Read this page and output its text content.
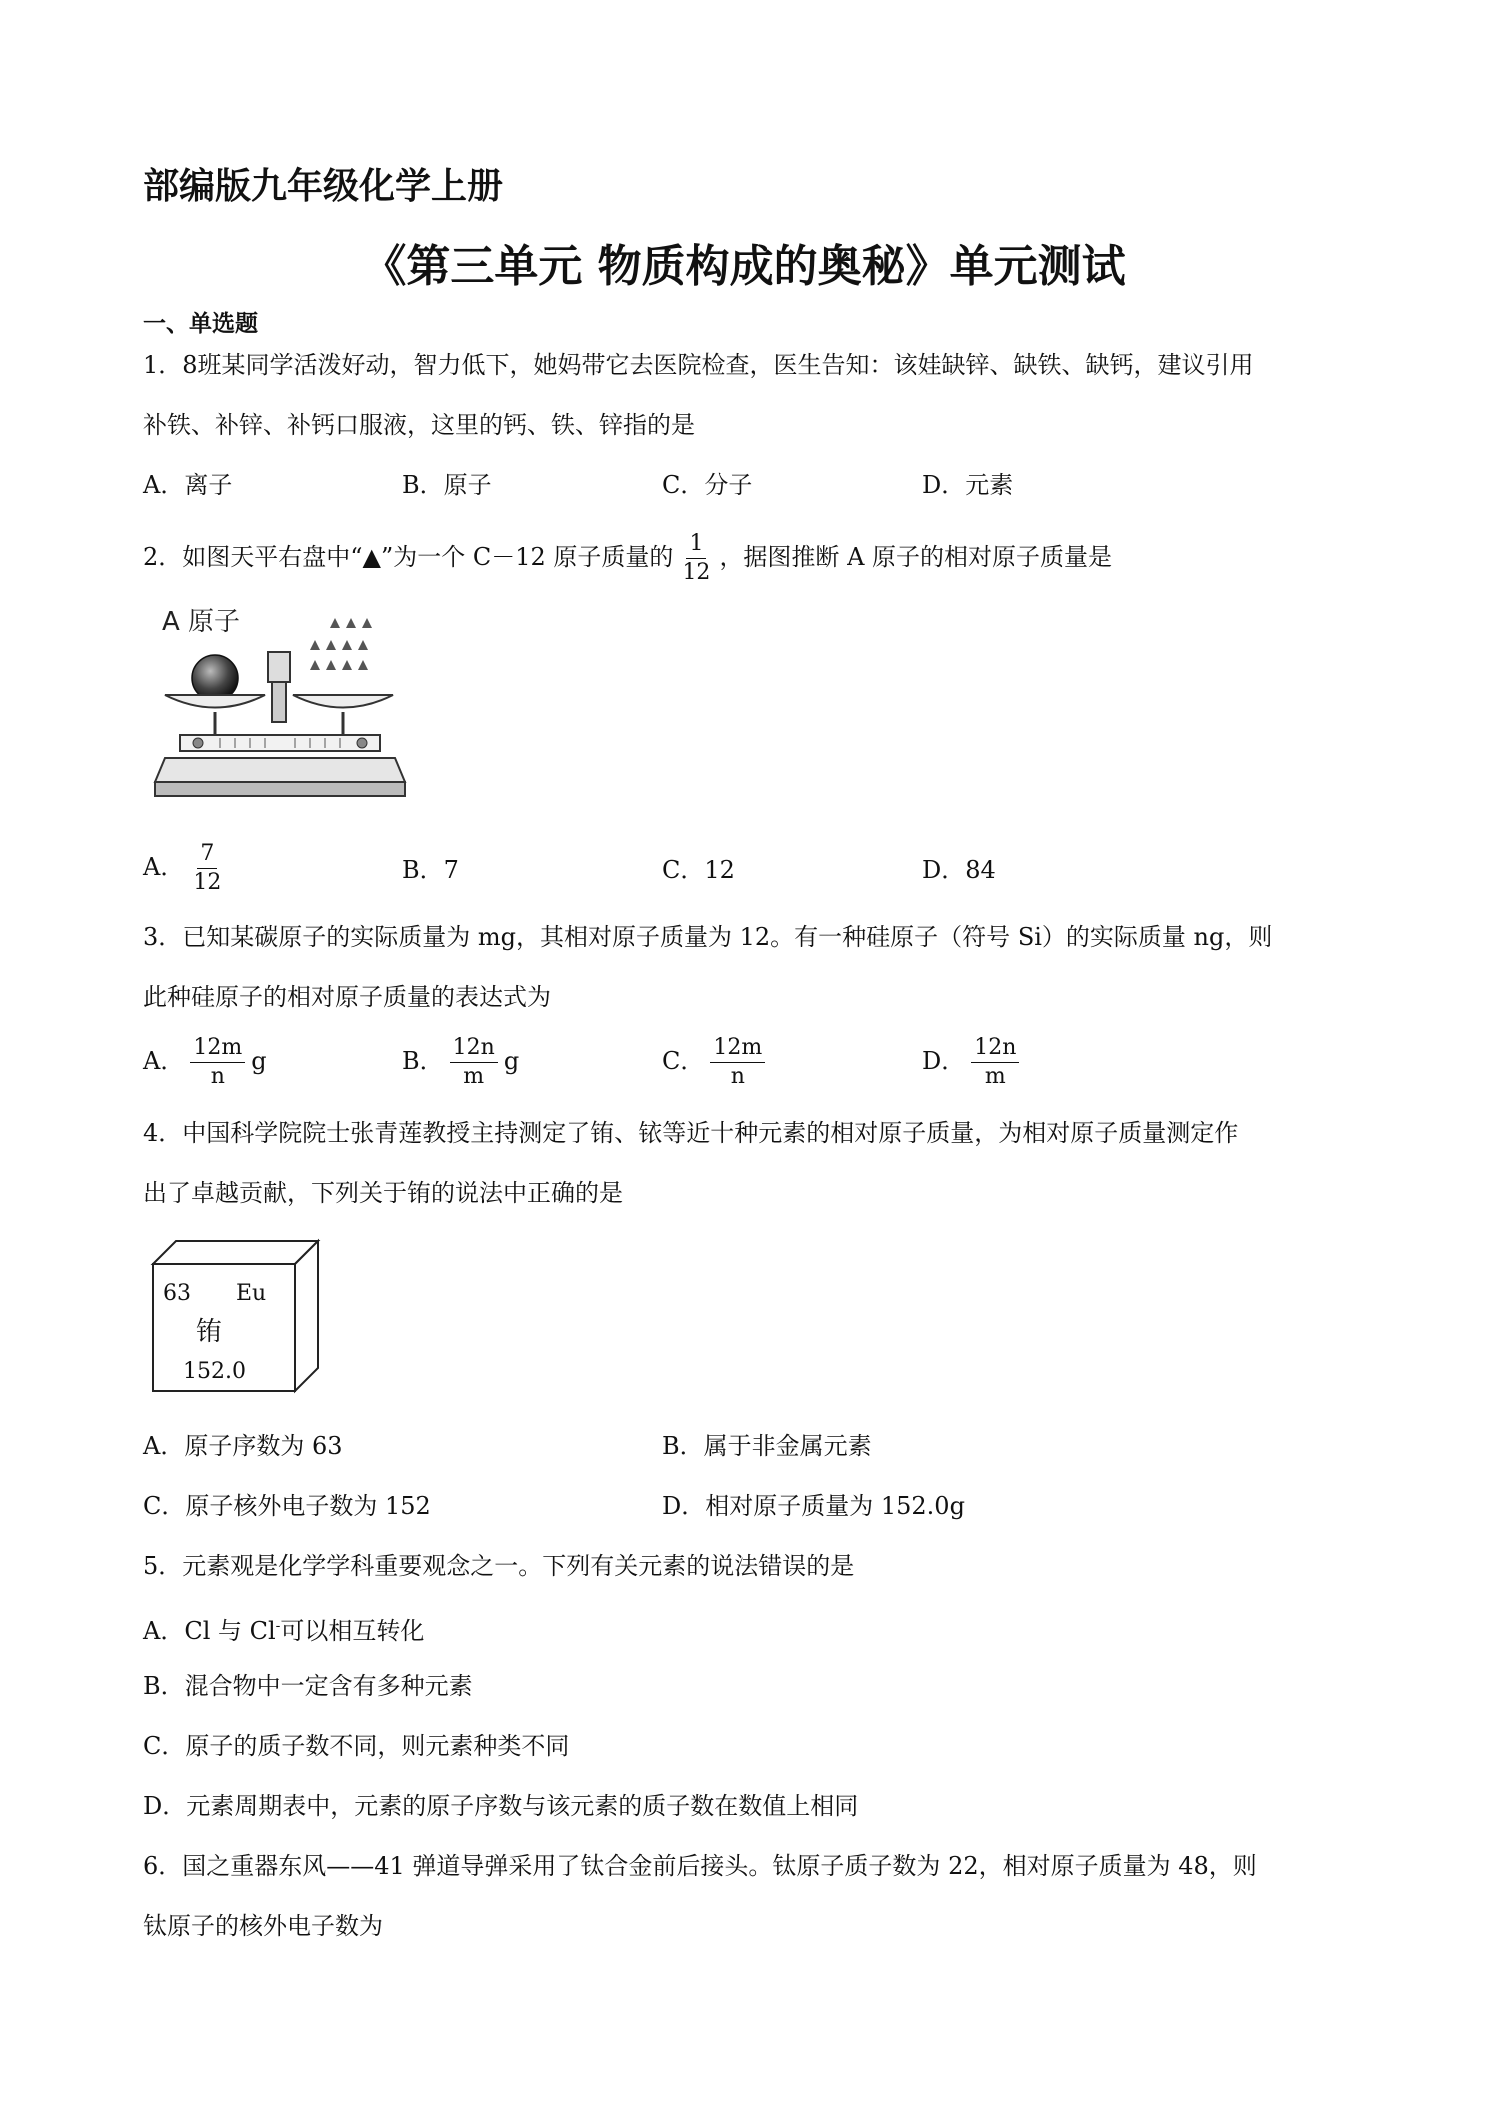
部编版九年级化学上册
《第三单元 物质构成的奥秘》单元测试
一、单选题
1．8班某同学活泼好动，智力低下，她妈带它去医院检查，医生告知：该娃缺锌、缺铁、缺钙，建议引用
补铁、补锌、补钙口服液，这里的钙、铁、锌指的是
A．离子	B．原子	C．分子	D．元素
2．如图天平右盘中“▲”为一个 C－12 原子质量的 $\frac{1}{12}$ ，据图推断 A 原子的相对原子质量是
A 原子
A． $\frac{7}{12}$	B．7	C．12	D．84
3．已知某碳原子的实际质量为 mg，其相对原子质量为 12。有一种硅原子（符号 Si）的实际质量 ng，则
此种硅原子的相对原子质量的表达式为
A． $\frac{12m}{n}$ g	B． $\frac{12n}{m}$ g	C． $\frac{12m}{n}$	D． $\frac{12n}{m}$
4．中国科学院院士张青莲教授主持测定了铕、铱等近十种元素的相对原子质量，为相对原子质量测定作
出了卓越贡献，下列关于铕的说法中正确的是
63 Eu
铕
152.0
A．原子序数为 63	B．属于非金属元素
C．原子核外电子数为 152	D．相对原子质量为 152.0g
5．元素观是化学学科重要观念之一。下列有关元素的说法错误的是
A．Cl 与 Cl-可以相互转化
B．混合物中一定含有多种元素
C．原子的质子数不同，则元素种类不同
D．元素周期表中，元素的原子序数与该元素的质子数在数值上相同
6．国之重器东风——41 弹道导弹采用了钛合金前后接头。钛原子质子数为 22，相对原子质量为 48，则
钛原子的核外电子数为
